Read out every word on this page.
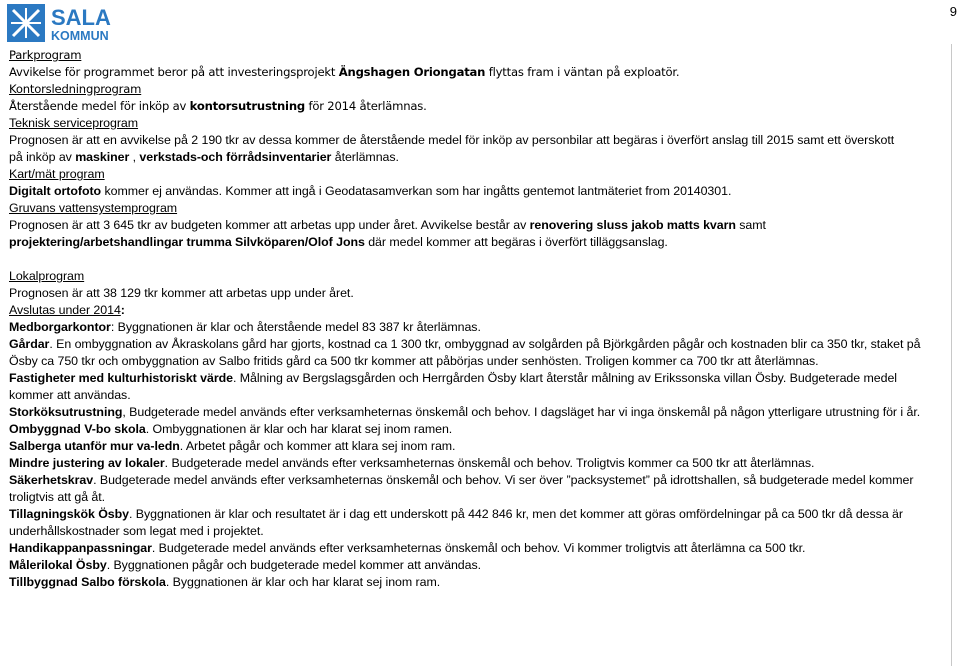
SALA
KOMMUN
9

Parkprogram

Avvikelse för programmet beror på att investeringsprojekt Ängshagen Oriongatan flyttas fram i väntan på exploatör.

Kontorsledningprogram

Återstående medel för inköp av kontorsutrustning för 2014 återlämnas.

Teknisk serviceprogram

Prognosen är att en avvikelse på 2 190 tkr av dessa kommer de återstående medel för inköp av personbilar att begäras i överfört anslag till 2015 samt ett överskott

på inköp av maskiner , verkstads-och förrådsinventarier återlämnas.

Kart/mät program

Digitalt ortofoto kommer ej användas. Kommer att ingå i Geodatasamverkan som har ingåtts gentemot lantmäteriet from 20140301.

Gruvans vattensystemprogram

Prognosen är att 3 645 tkr av budgeten kommer att arbetas upp under året. Avvikelse består av renovering sluss jakob matts kvarn samt

projektering/arbetshandlingar trumma Silvköparen/Olof Jons där medel kommer att begäras i överfört tilläggsanslag.

Lokalprogram

Prognosen är att 38 129 tkr kommer att arbetas upp under året.

Avslutas under 2014:

Medborgarkontor: Byggnationen är klar och återstående medel 83 387 kr återlämnas.

Gårdar. En ombyggnation av Åkraskolans gård har gjorts, kostnad ca 1 300 tkr, ombyggnad av solgården på Björkgården pågår och kostnaden blir ca 350 tkr, staket på Ösby ca 750 tkr och ombyggnation av Salbo fritids gård ca 500 tkr kommer att påbörjas under senhösten. Troligen kommer ca 700 tkr att återlämnas.

Fastigheter med kulturhistoriskt värde. Målning av Bergslagsgården och Herrgården Ösby klart återstår målning av Erikssonska villan Ösby. Budgeterade medel kommer att användas.

Storköksutrustning, Budgeterade medel används efter verksamheternas önskemål och behov. I dagsläget har vi inga önskemål på någon ytterligare utrustning för i år.

Ombyggnad V-bo skola. Ombyggnationen är klar och har klarat sej inom ramen.

Salberga utanför mur va-ledn. Arbetet pågår och kommer att klara sej inom ram.

Mindre justering av lokaler. Budgeterade medel används efter verksamheternas önskemål och behov. Troligtvis kommer ca 500 tkr att återlämnas.

Säkerhetskrav. Budgeterade medel används efter verksamheternas önskemål och behov. Vi ser över ”packsystemet” på idrottshallen, så budgeterade medel kommer troligtvis att gå åt.

Tillagningskök Ösby. Byggnationen är klar och resultatet är i dag ett underskott på 442 846 kr, men det kommer att göras omfördelningar på ca 500 tkr då dessa är underhållskostnader som legat med i projektet.

Handikappanpassningar. Budgeterade medel används efter verksamheternas önskemål och behov. Vi kommer troligtvis att återlämna ca 500 tkr.

Målerilokal Ösby. Byggnationen pågår och budgeterade medel kommer att användas.

Tillbyggnad Salbo förskola. Byggnationen är klar och har klarat sej inom ram.
